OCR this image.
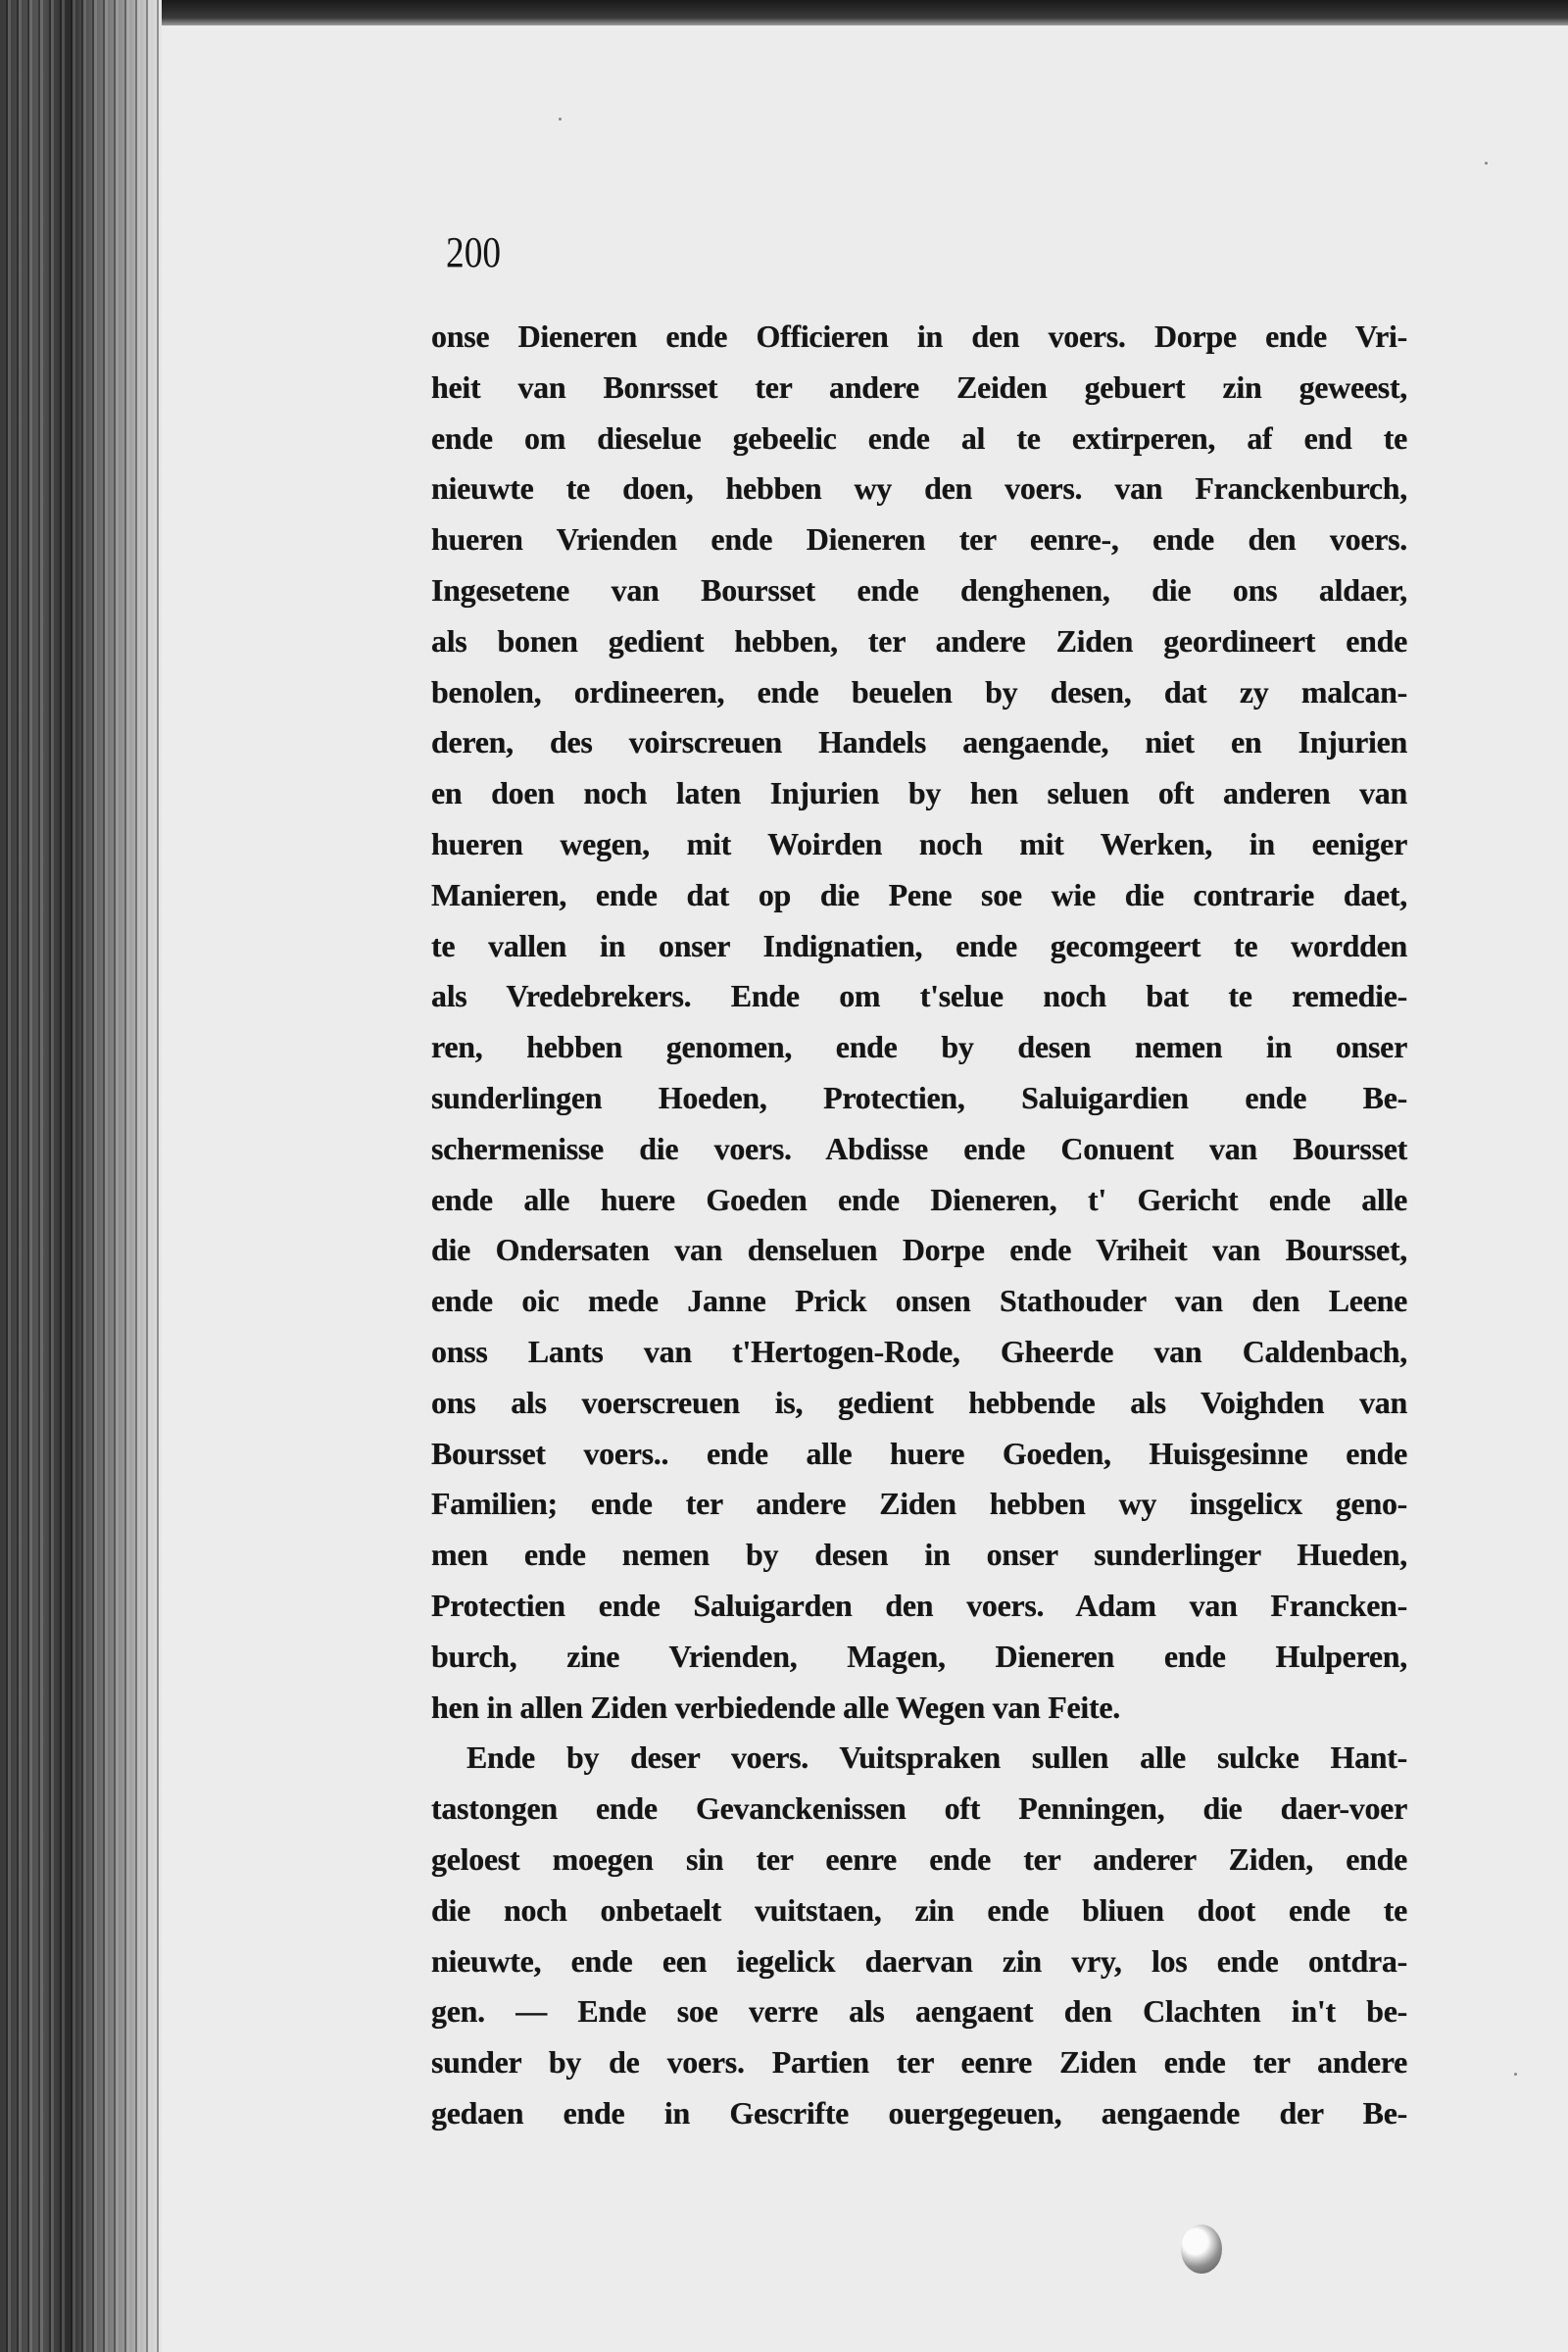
200
onse Dieneren ende Officieren in den voers. Dorpe ende Vri-
heit van Bonrsset ter andere Zeiden gebuert zin geweest,
ende om dieselue gebeelic ende al te extirperen, af end te
nieuwte te doen, hebben wy den voers. van Franckenburch,
hueren Vrienden ende Dieneren ter eenre-, ende den voers.
Ingesetene van Boursset ende denghenen, die ons aldaer,
als bonen gedient hebben, ter andere Ziden geordineert ende
benolen, ordineeren, ende beuelen by desen, dat zy malcan-
deren, des voirscreuen Handels aengaende, niet en Injurien
en doen noch laten Injurien by hen seluen oft anderen van
hueren wegen, mit Woirden noch mit Werken, in eeniger
Manieren, ende dat op die Pene soe wie die contrarie daet,
te vallen in onser Indignatien, ende gecomgeert te wordden
als Vredebrekers. Ende om t'selue noch bat te remedie-
ren, hebben genomen, ende by desen nemen in onser
sunderlingen Hoeden, Protectien, Saluigardien ende Be-
schermenisse die voers. Abdisse ende Conuent van Boursset
ende alle huere Goeden ende Dieneren, t' Gericht ende alle
die Ondersaten van denseluen Dorpe ende Vriheit van Boursset,
ende oic mede Janne Prick onsen Stathouder van den Leene
onss Lants van t'Hertogen-Rode, Gheerde van Caldenbach,
ons als voerscreuen is, gedient hebbende als Voighden van
Boursset voers.. ende alle huere Goeden, Huisgesinne ende
Familien; ende ter andere Ziden hebben wy insgelicx geno-
men ende nemen by desen in onser sunderlinger Hueden,
Protectien ende Saluigarden den voers. Adam van Francken-
burch, zine Vrienden, Magen, Dieneren ende Hulperen,
hen in allen Ziden verbiedende alle Wegen van Feite.
Ende by deser voers. Vuitspraken sullen alle sulcke Hant-
tastongen ende Gevanckenissen oft Penningen, die daer-voer
geloest moegen sin ter eenre ende ter anderer Ziden, ende
die noch onbetaelt vuitstaen, zin ende bliuen doot ende te
nieuwte, ende een iegelick daervan zin vry, los ende ontdra-
gen. — Ende soe verre als aengaent den Clachten in't be-
sunder by de voers. Partien ter eenre Ziden ende ter andere
gedaen ende in Gescrifte ouergegeuen, aengaende der Be-
